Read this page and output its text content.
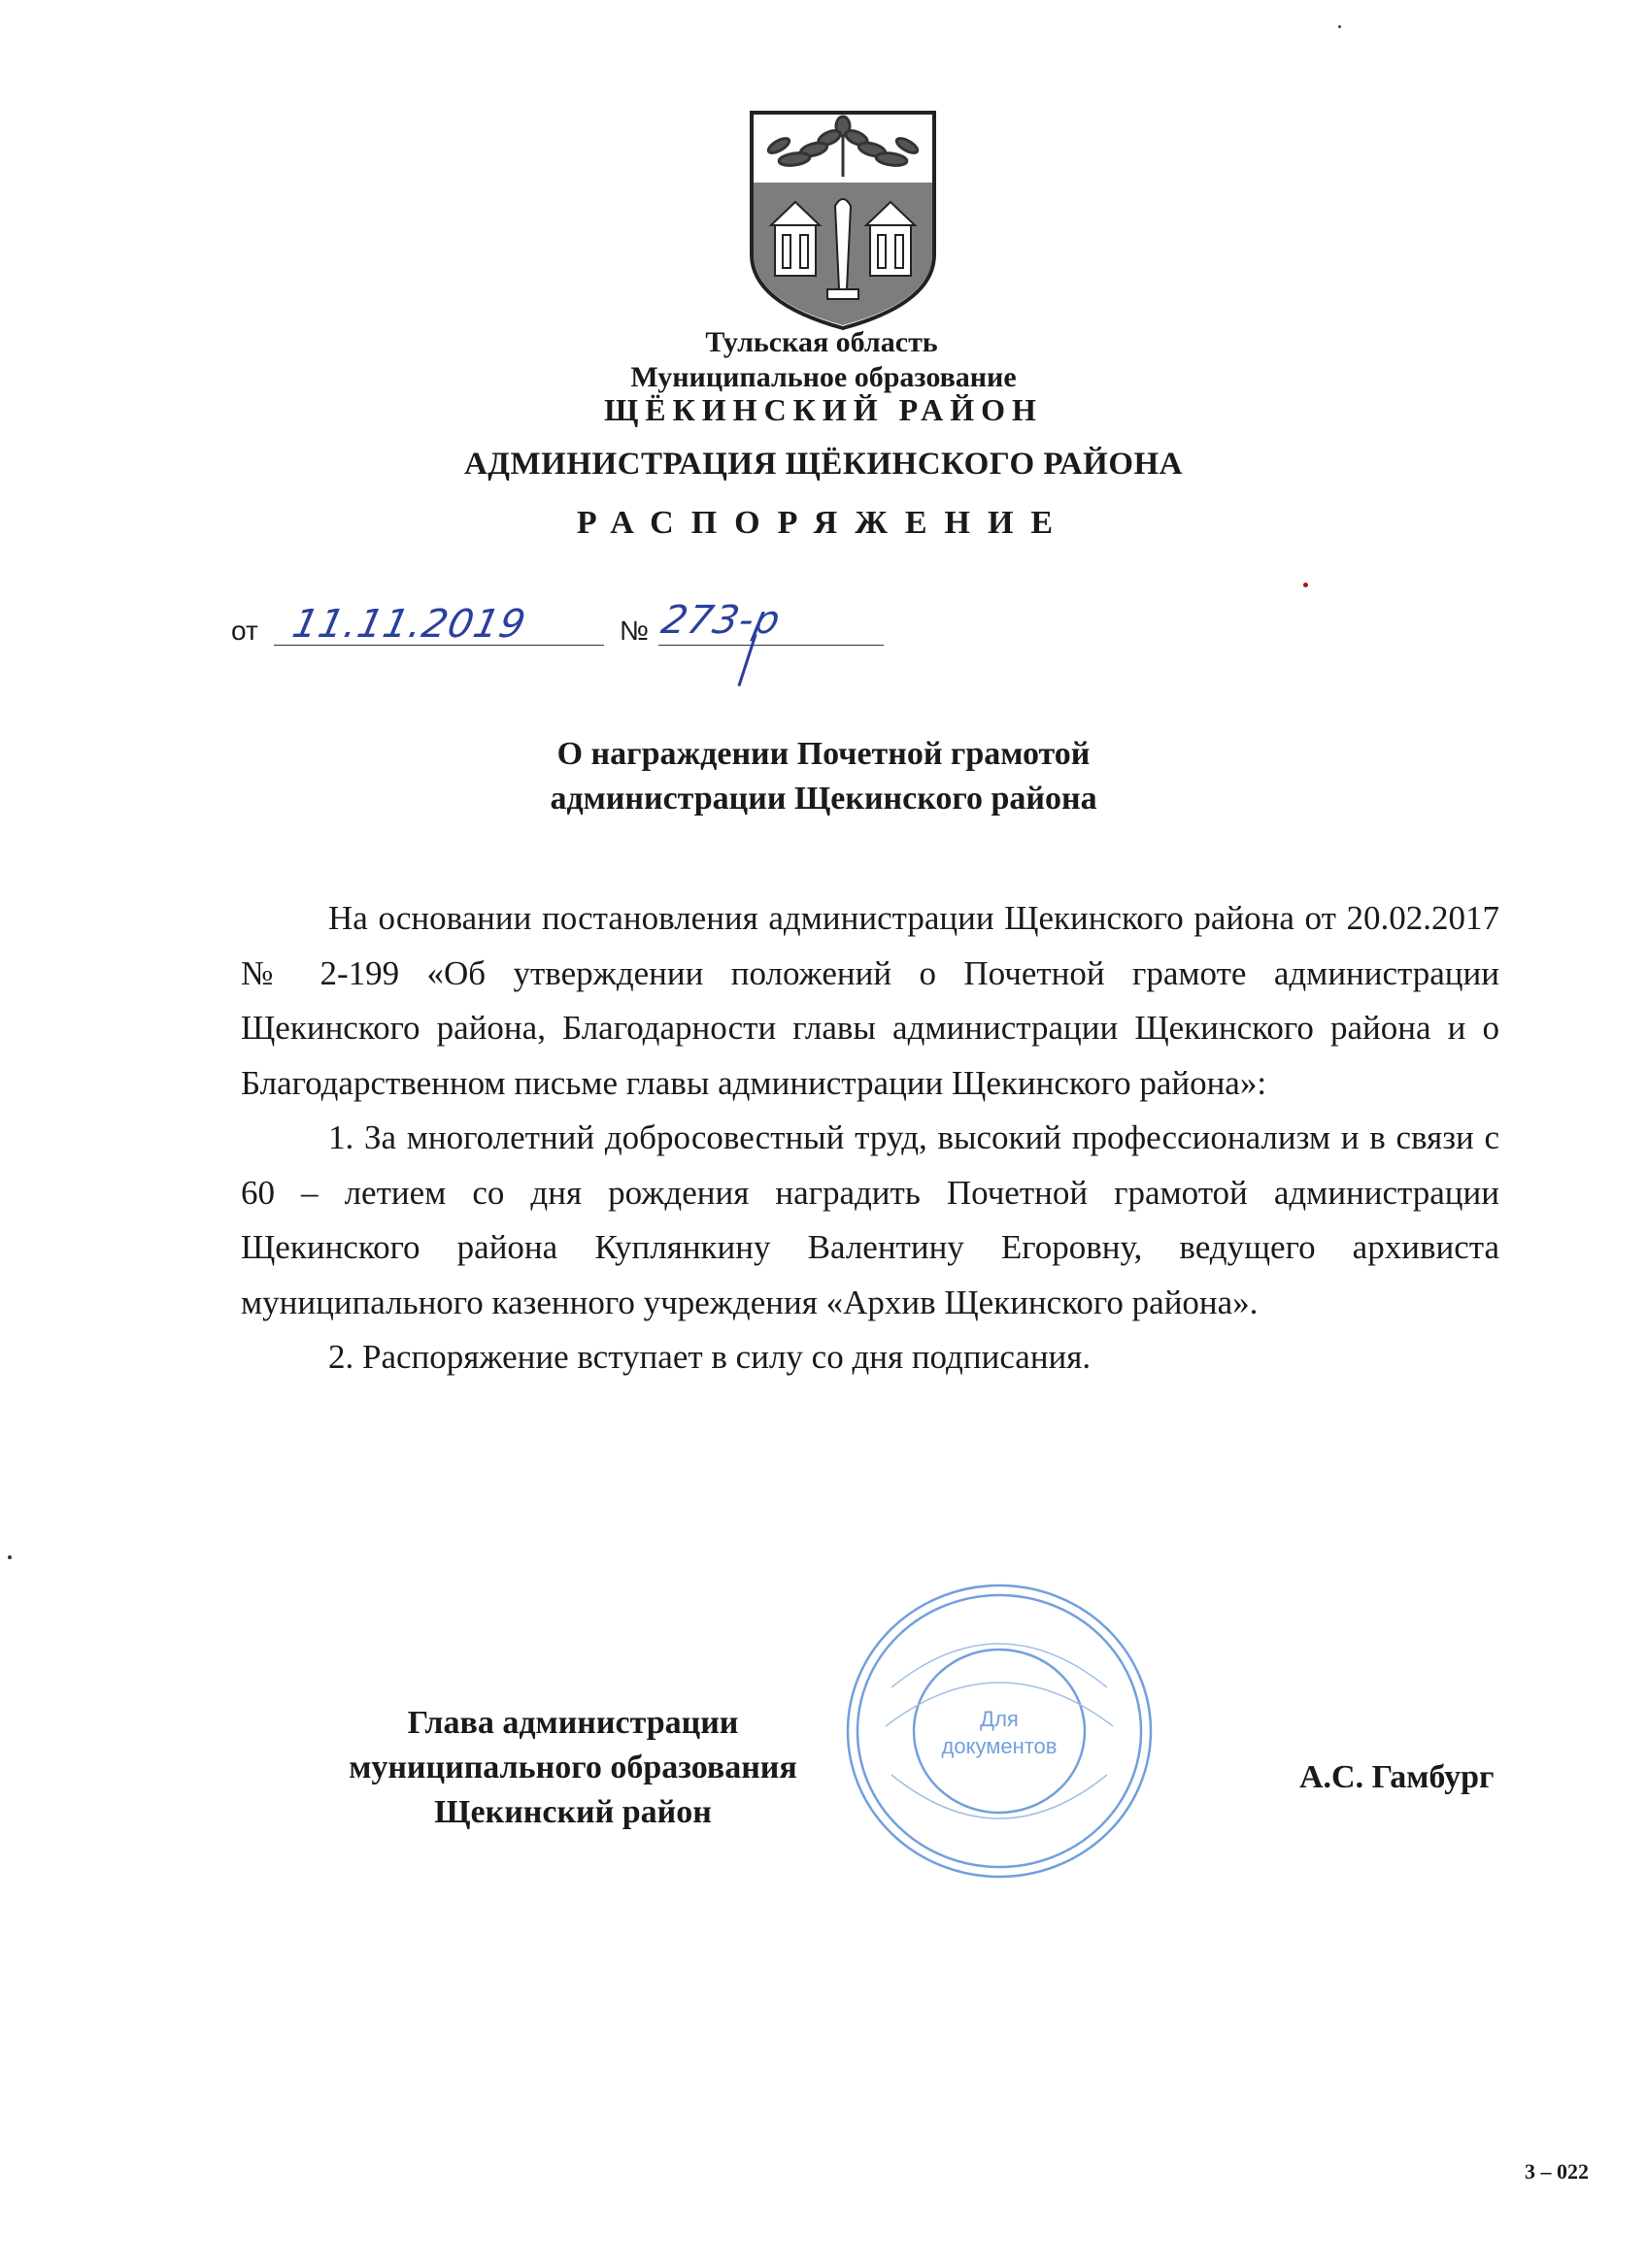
Тульская область
Муниципальное образование
ЩЁКИНСКИЙ РАЙОН
АДМИНИСТРАЦИЯ ЩЁКИНСКОГО РАЙОНА
РАСПОРЯЖЕНИЕ
от 11.11.2019	№ 273-р
О награждении Почетной грамотой
администрации Щекинского района

На основании постановления администрации Щекинского района от 20.02.2017 № 2-199 «Об утверждении положений о Почетной грамоте администрации Щекинского района, Благодарности главы администрации Щекинского района и о Благодарственном письме главы администрации Щекинского района»:

1. За многолетний добросовестный труд, высокий профессионализм и в связи с 60 – летием со дня рождения наградить Почетной грамотой администрации Щекинского района Куплянкину Валентину Егоровну, ведущего архивиста муниципального казенного учреждения «Архив Щекинского района».

2. Распоряжение вступает в силу со дня подписания.

Для
документов
Глава администрации
муниципального образования
Щекинский район
А.С. Гамбург
3 – 022
